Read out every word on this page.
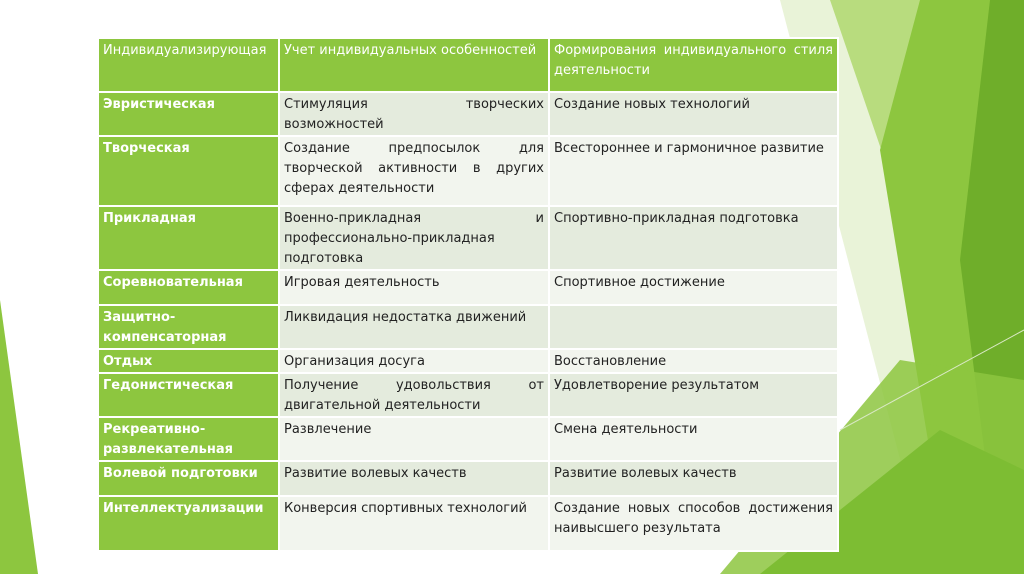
Индивидуализирующая	Учет индивидуальных особенностей	Формирования индивидуального стиля деятельности
Эвристическая	Стимуляция творческих возможностей	Создание новых технологий
Творческая	Создание предпосылок для творческой активности в других сферах деятельности	Всестороннее и гармоничное развитие
Прикладная	Военно-прикладная и профессионально-прикладная подготовка	Спортивно-прикладная подготовка
Соревновательная	Игровая деятельность	Спортивное достижение
Защитно-компенсаторная	Ликвидация недостатка движений	
Отдых	Организация досуга	Восстановление
Гедонистическая	Получение удовольствия от двигательной деятельности	Удовлетворение результатом
Рекреативно-развлекательная	Развлечение	Смена деятельности
Волевой подготовки	Развитие волевых качеств	Развитие волевых качеств
Интеллектуализации	Конверсия спортивных технологий	Создание новых способов достижения наивысшего результата
